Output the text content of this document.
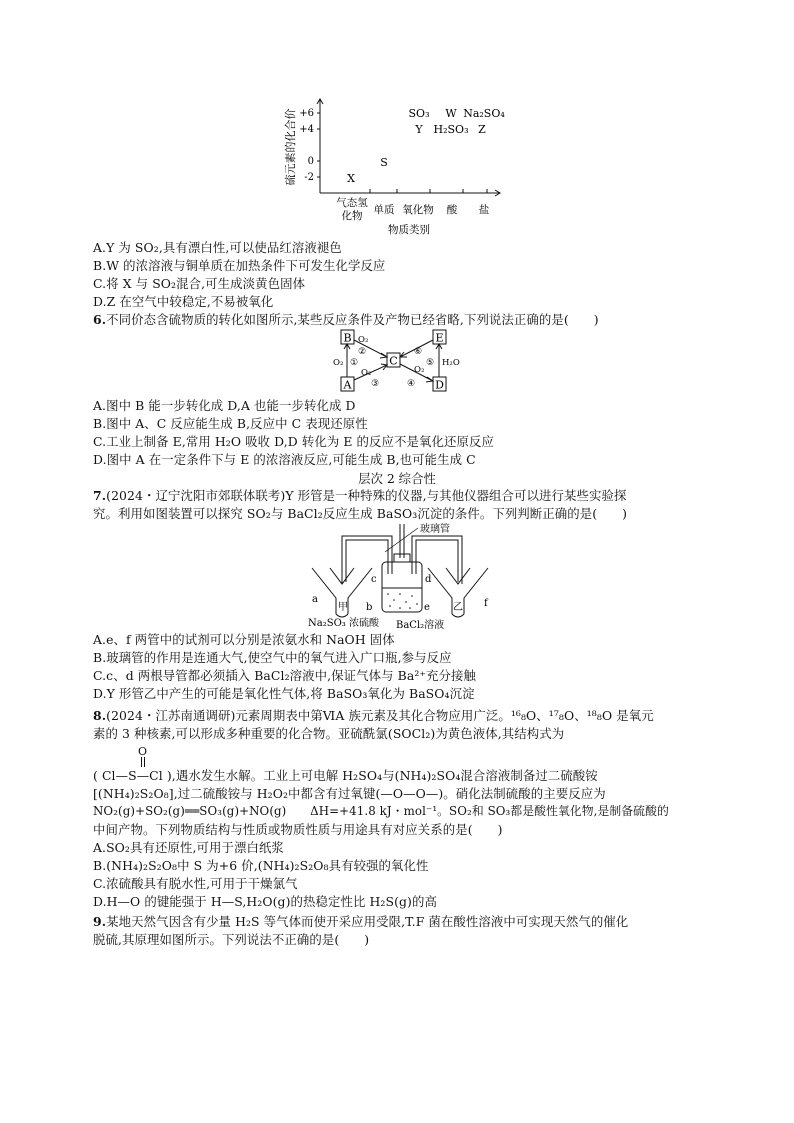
硫元素的化合价 +6
+4
0
-2	X
S
SO₃ W Na₂SO₄
Y H₂SO₃ Z
气态氢
化物 单质 氧化物 酸 盐
物质类别
A.Y 为 SO₂,具有漂白性,可以使品红溶液褪色
B.W 的浓溶液与铜单质在加热条件下可发生化学反应
C.将 X 与 SO₂混合,可生成淡黄色固体
D.Z 在空气中较稳定,不易被氧化
6.不同价态含硫物质的转化如图所示,某些反应条件及产物已经省略,下列说法正确的是(　　)
B
C
A
E
D
O₂ ①
O₂
②
O₂
③
O₂
④
⑤ H₂O
⑥
A.图中 B 能一步转化成 D,A 也能一步转化成 D
B.图中 A、C 反应能生成 B,反应中 C 表现还原性
C.工业上制备 E,常用 H₂O 吸收 D,D 转化为 E 的反应不是氧化还原反应
D.图中 A 在一定条件下与 E 的浓溶液反应,可能生成 B,也可能生成 C
层次 2 综合性
7.(2024・辽宁沈阳市郊联体联考)Y 形管是一种特殊的仪器,与其他仪器组合可以进行某些实验探
究。利用如图装置可以探究 SO₂与 BaCl₂反应生成 BaSO₃沉淀的条件。下列判断正确的是(　　)
玻璃管
c	d
a
甲 b	e 乙 f
Na₂SO₃ 浓硫酸 BaCl₂溶液
A.e、f 两管中的试剂可以分别是浓氨水和 NaOH 固体
B.玻璃管的作用是连通大气,使空气中的氧气进入广口瓶,参与反应
C.c、d 两根导管都必须插入 BaCl₂溶液中,保证气体与 Ba²⁺充分接触
D.Y 形管乙中产生的可能是氧化性气体,将 BaSO₃氧化为 BaSO₄沉淀
8.(2024・江苏南通调研)元素周期表中第ⅥA 族元素及其化合物应用广泛。¹⁶₈O、¹⁷₈O、¹⁸₈O 是氧元
素的 3 种核素,可以形成多种重要的化合物。亚硫酰氯(SOCl₂)为黄色液体,其结构式为
O
( Cl—S—Cl ),遇水发生水解。工业上可电解 H₂SO₄与(NH₄)₂SO₄混合溶液制备过二硫酸铵
[(NH₄)₂S₂O₈],过二硫酸铵与 H₂O₂中都含有过氧键(—O—O—)。硝化法制硫酸的主要反应为
NO₂(g)+SO₂(g)══SO₃(g)+NO(g)　　ΔH=+41.8 kJ・mol⁻¹。SO₂和 SO₃都是酸性氧化物,是制备硫酸的
中间产物。下列物质结构与性质或物质性质与用途具有对应关系的是(　　)
A.SO₂具有还原性,可用于漂白纸浆
B.(NH₄)₂S₂O₈中 S 为+6 价,(NH₄)₂S₂O₈具有较强的氧化性
C.浓硫酸具有脱水性,可用于干燥氯气
D.H—O 的键能强于 H—S,H₂O(g)的热稳定性比 H₂S(g)的高
9.某地天然气因含有少量 H₂S 等气体而使开采应用受限,T.F 菌在酸性溶液中可实现天然气的催化
脱硫,其原理如图所示。下列说法不正确的是(　　)
